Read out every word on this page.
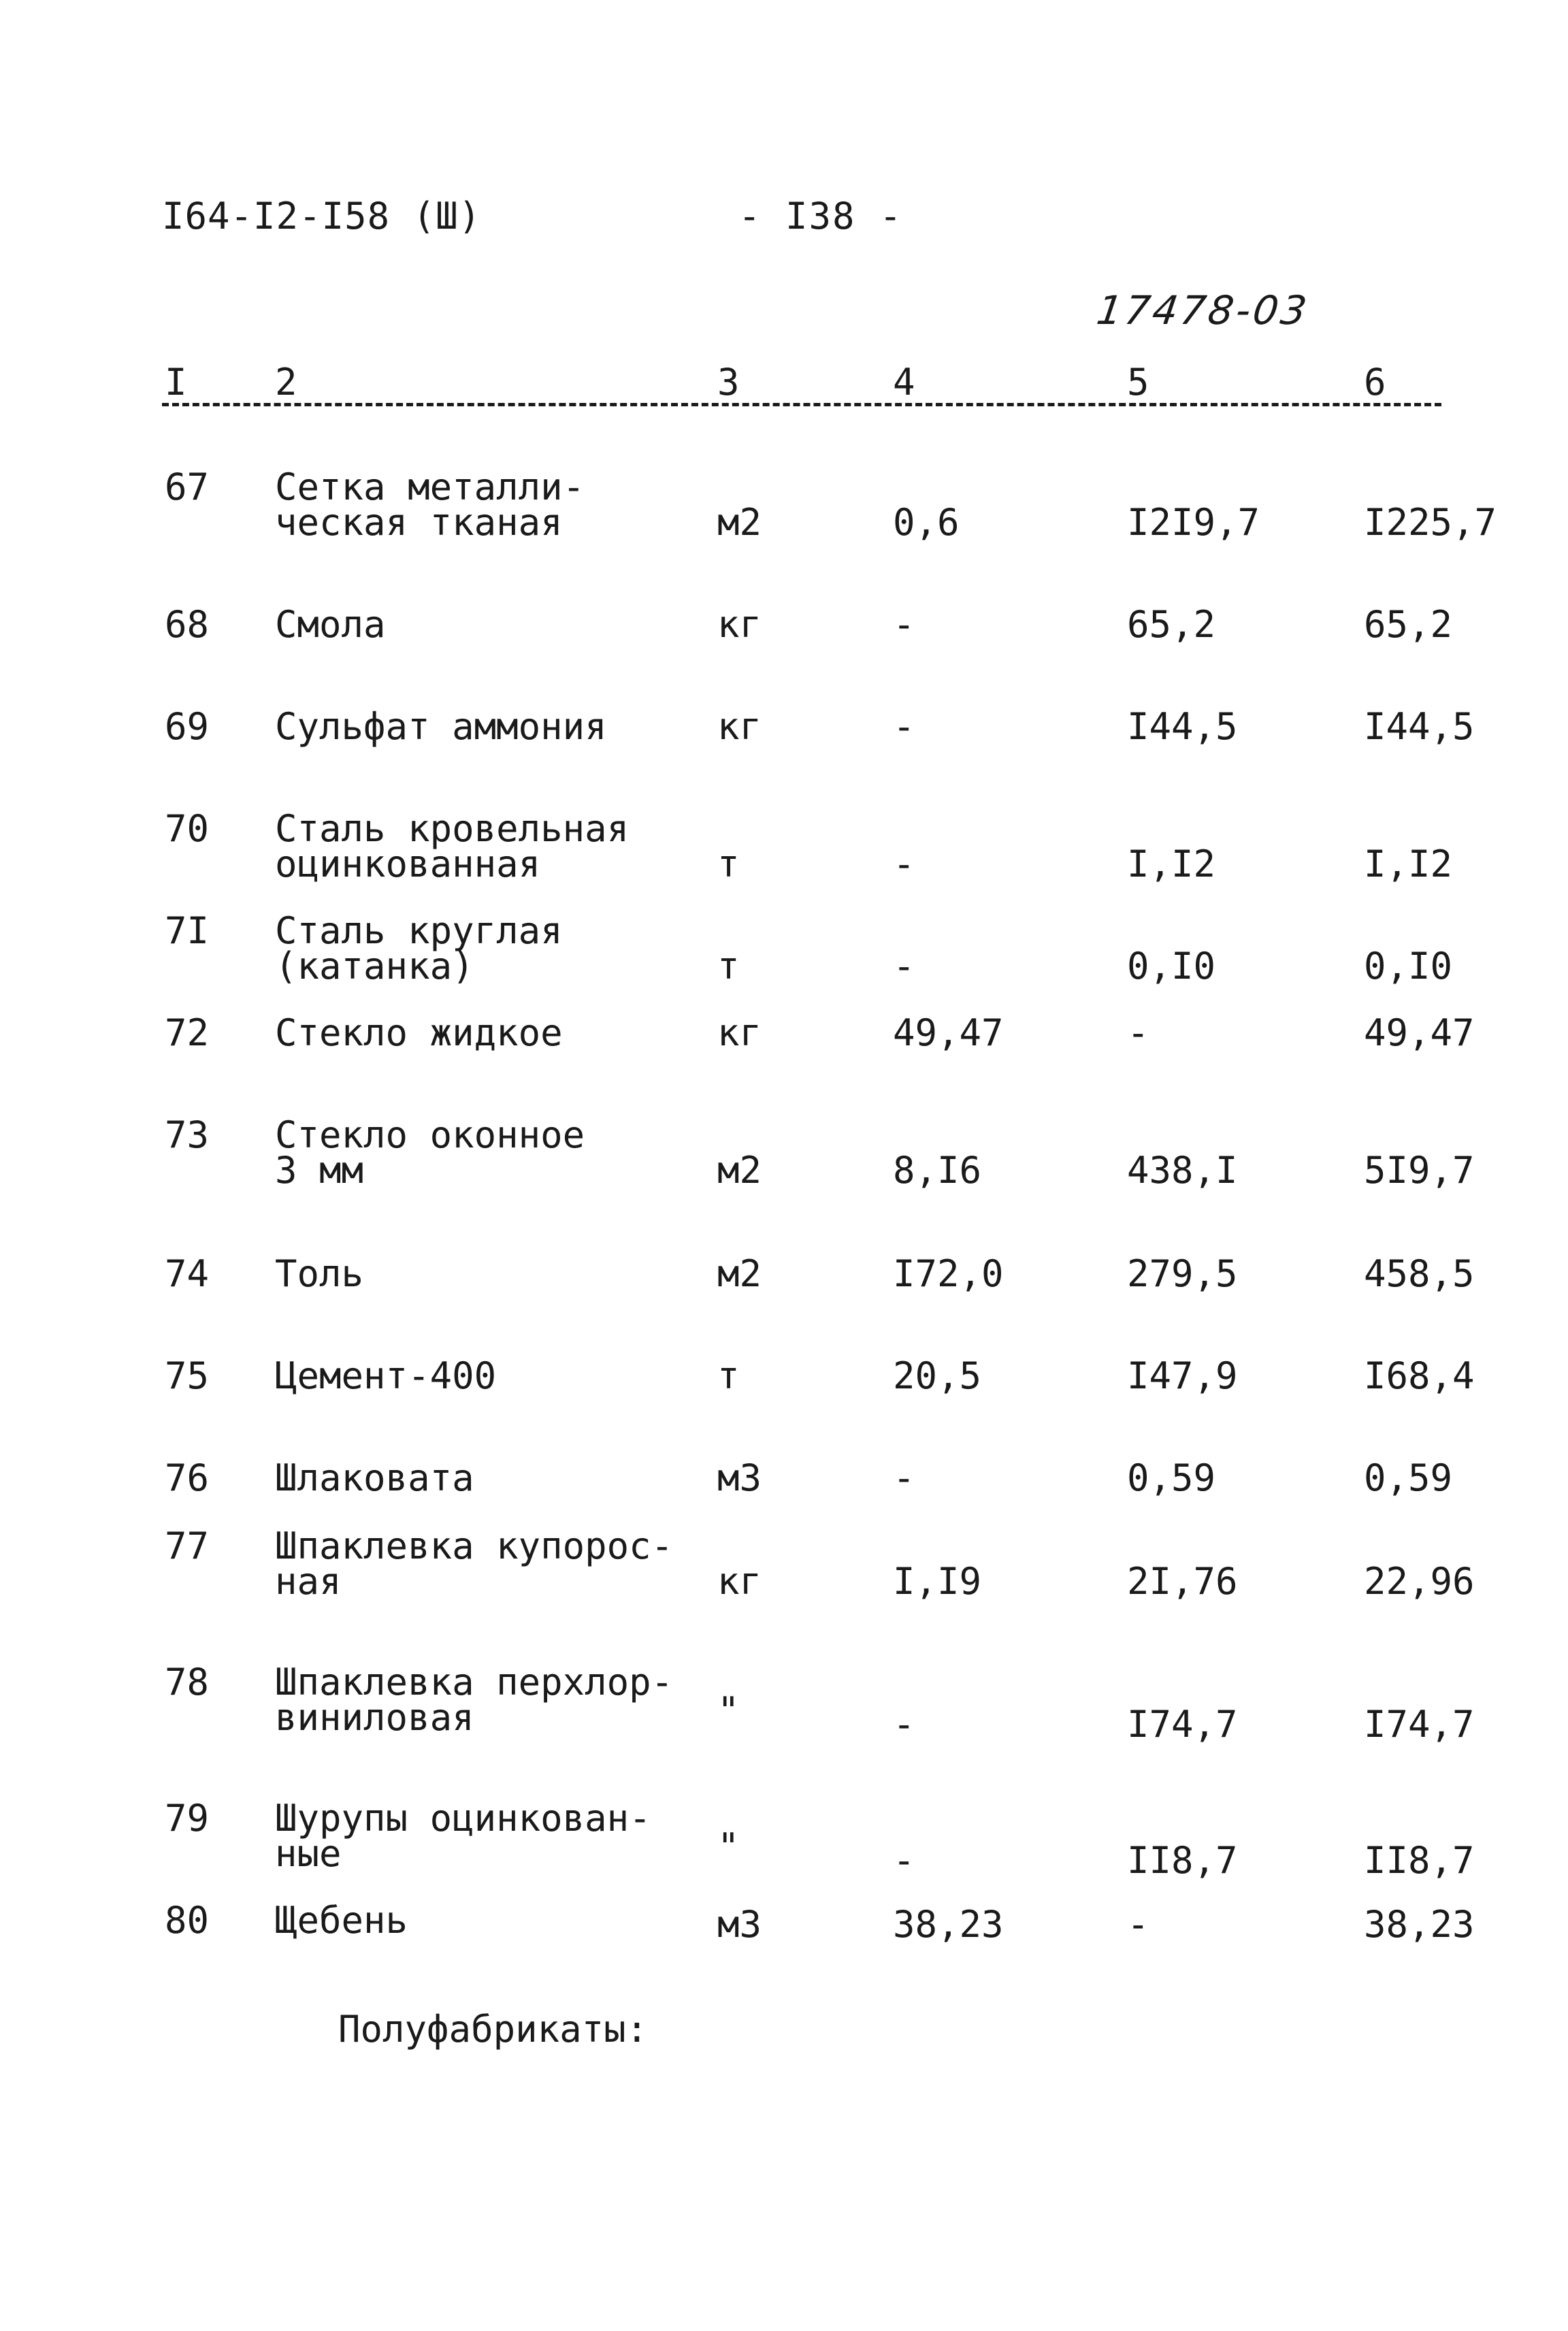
I64-I2-I58 (Ш)	- I38 -
17478-03
I 2	3	4	5	6
67 Сетка металли-
ческая тканая	м2	0,6	I2I9,7	I225,7
68 Смола	кг	-	65,2	65,2
69 Сульфат аммония	кг	-	I44,5	I44,5
70 Сталь кровельная
оцинкованная	т	-	I,I2	I,I2
7I Сталь круглая
(катанка)	т	-	0,I0	0,I0
72 Стекло жидкое	кг	49,47	-	49,47
73 Стекло оконное
3 мм	м2	8,I6	438,I	5I9,7
74 Толь	м2	I72,0	279,5	458,5
75 Цемент-400	т	20,5	I47,9	I68,4
76 Шлаковата	м3	-	0,59	0,59
77 Шпаклевка купорос-
ная	кг	I,I9	2I,76	22,96
78 Шпаклевка перхлор-
виниловая	"	-	I74,7	I74,7
79 Шурупы оцинкован-
ные	"	-	II8,7	II8,7
80 Щебень	м3	38,23	-	38,23
Полуфабрикаты:
